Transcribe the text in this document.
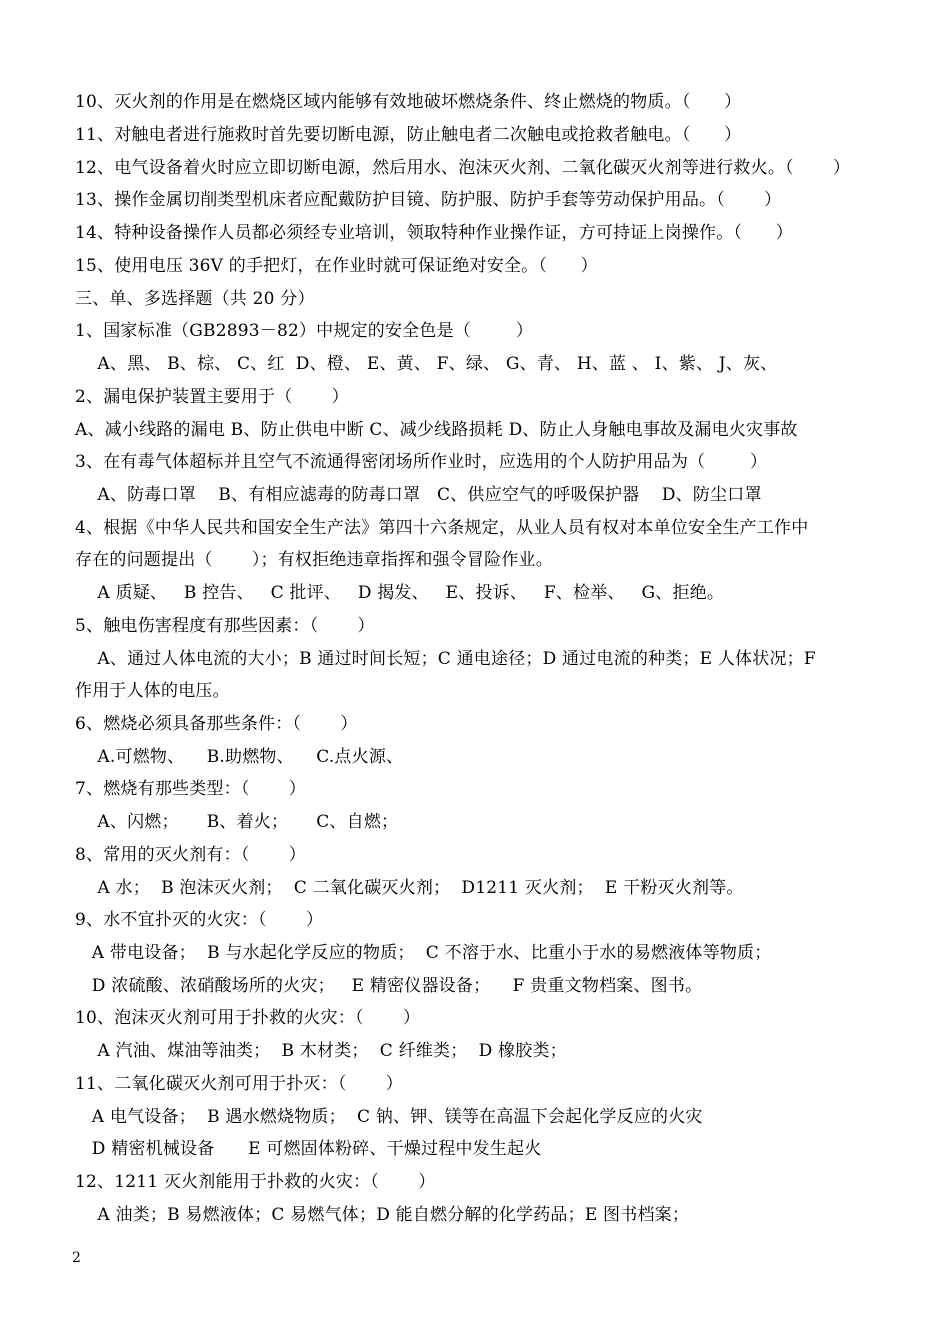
10、灭火剂的作用是在燃烧区域内能够有效地破坏燃烧条件、终止燃烧的物质。（      ）
11、对触电者进行施救时首先要切断电源，防止触电者二次触电或抢救者触电。（      ）
12、电气设备着火时应立即切断电源，然后用水、泡沫灭火剂、二氧化碳灭火剂等进行救火。（       ）
13、操作金属切削类型机床者应配戴防护目镜、防护服、防护手套等劳动保护用品。（       ）
14、特种设备操作人员都必须经专业培训，领取特种作业操作证，方可持证上岗操作。（      ）
15、使用电压 36V 的手把灯，在作业时就可保证绝对安全。（      ）
三、单、多选择题（共 20 分）
1、国家标准（GB2893－82）中规定的安全色是（        ）
A、黑、 B、棕、 C、红  D、橙、 E、黄、 F、绿、 G、青、 H、蓝 、 I、紫、 J、灰、
2、漏电保护装置主要用于（       ）
A、减小线路的漏电 B、防止供电中断 C、减少线路损耗 D、防止人身触电事故及漏电火灾事故
3、在有毒气体超标并且空气不流通得密闭场所作业时，应选用的个人防护用品为（        ）
A、防毒口罩    B、有相应滤毒的防毒口罩   C、供应空气的呼吸保护器    D、防尘口罩
4、根据《中华人民共和国安全生产法》第四十六条规定，从业人员有权对本单位安全生产工作中
存在的问题提出（       ）；有权拒绝违章指挥和强令冒险作业。
A 质疑、   B 控告、   C 批评、   D 揭发、   E、投诉、   F、检举、   G、拒绝。
5、触电伤害程度有那些因素：（       ）
A、通过人体电流的大小；B 通过时间长短；C 通电途径；D 通过电流的种类；E 人体状况；F
作用于人体的电压。
6、燃烧必须具备那些条件：（       ）
A.可燃物、    B.助燃物、    C.点火源、
7、燃烧有那些类型：（       ）
A、闪燃；     B、着火；     C、自燃；
8、常用的灭火剂有：（       ）
A 水；  B 泡沫灭火剂；  C 二氧化碳灭火剂；  D1211 灭火剂；  E 干粉灭火剂等。
9、水不宜扑灭的火灾：（       ）
A 带电设备；  B 与水起化学反应的物质；  C 不溶于水、比重小于水的易燃液体等物质；
D 浓硫酸、浓硝酸场所的火灾；   E 精密仪器设备；    F 贵重文物档案、图书。
10、泡沫灭火剂可用于扑救的火灾：（       ）
A 汽油、煤油等油类；  B 木材类；  C 纤维类；  D 橡胶类；
11、二氧化碳灭火剂可用于扑灭：（       ）
A 电气设备；  B 遇水燃烧物质；  C 钠、钾、镁等在高温下会起化学反应的火灾
D 精密机械设备      E 可燃固体粉碎、干燥过程中发生起火
12、1211 灭火剂能用于扑救的火灾：（       ）
A 油类；B 易燃液体；C 易燃气体；D 能自燃分解的化学药品；E 图书档案；
2
